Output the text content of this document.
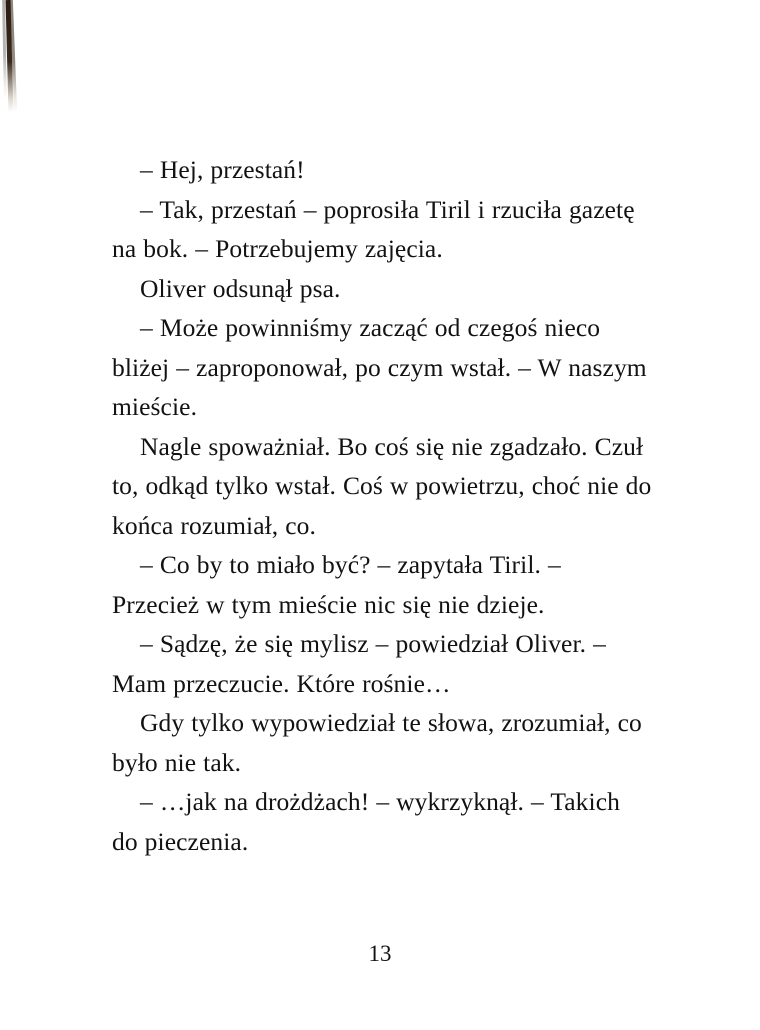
– Hej, przestań!

– Tak, przestań – poprosiła Tiril i rzuciła gazetę na bok. – Potrzebujemy zajęcia.

Oliver odsunął psa.

– Może powinniśmy zacząć od czegoś nieco bliżej – zaproponował, po czym wstał. – W naszym mieście.

Nagle spoważniał. Bo coś się nie zgadzało. Czuł to, odkąd tylko wstał. Coś w powietrzu, choć nie do końca rozumiał, co.

– Co by to miało być? – zapytała Tiril. – Przecież w tym mieście nic się nie dzieje.

– Sądzę, że się mylisz – powiedział Oliver. – Mam przeczucie. Które rośnie…

Gdy tylko wypowiedział te słowa, zrozumiał, co było nie tak.

– …jak na drożdżach! – wykrzyknął. – Takich do pieczenia.

13
